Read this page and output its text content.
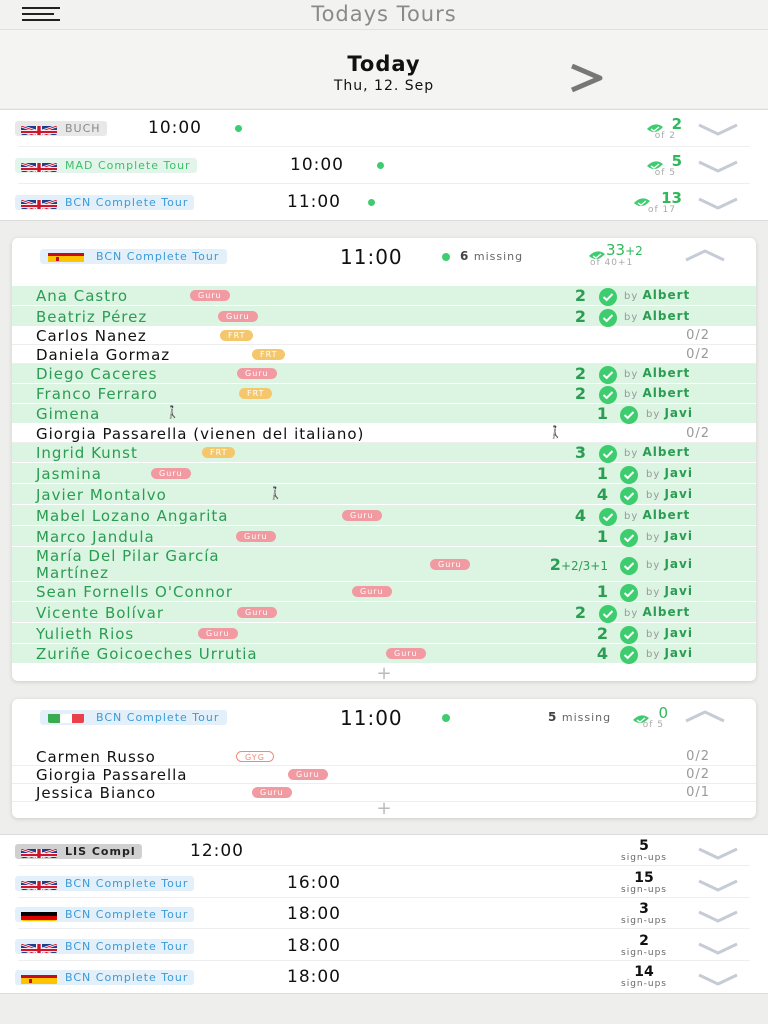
Todays Tours
Today
Thu, 12. Sep
BUCH	10:00	2
of 2
MAD Complete Tour	10:00	5
of 5
BCN Complete Tour	11:00	13
of 17
BCN Complete Tour	11:00	6 missing	33+2
of 40+1
Ana Castro	Guru	2	by Albert
Beatriz Pérez	Guru	2	by Albert
Carlos Nanez	FRT	0/2
Daniela Gormaz	FRT	0/2
Diego Caceres	Guru	2	by Albert
Franco Ferraro	FRT	2	by Albert
Gimena	🚶	1	by Javi
Giorgia Passarella (vienen del italiano)	🚶	0/2
Ingrid Kunst	FRT	3	by Albert
Jasmina	Guru	1	by Javi
Javier Montalvo	🚶	4	by Javi
Mabel Lozano Angarita	Guru	4	by Albert
Marco Jandula	Guru	1	by Javi
María Del Pilar García
Martínez	Guru	2+2/3+1	by Javi
Sean Fornells O'Connor	Guru	1	by Javi
Vicente Bolívar	Guru	2	by Albert
Yulieth Rios	Guru	2	by Javi
Zuriñe Goicoeches Urrutia	Guru	4	by Javi
+
BCN Complete Tour	11:00	5 missing	0
of 5
Carmen Russo	GYG	0/2
Giorgia Passarella	Guru	0/2
Jessica Bianco	Guru	0/1
+
LIS Compl	12:00	5
sign-ups
BCN Complete Tour	16:00	15
sign-ups
BCN Complete Tour	18:00	3
sign-ups
BCN Complete Tour	18:00	2
sign-ups
BCN Complete Tour	18:00	14
sign-ups
